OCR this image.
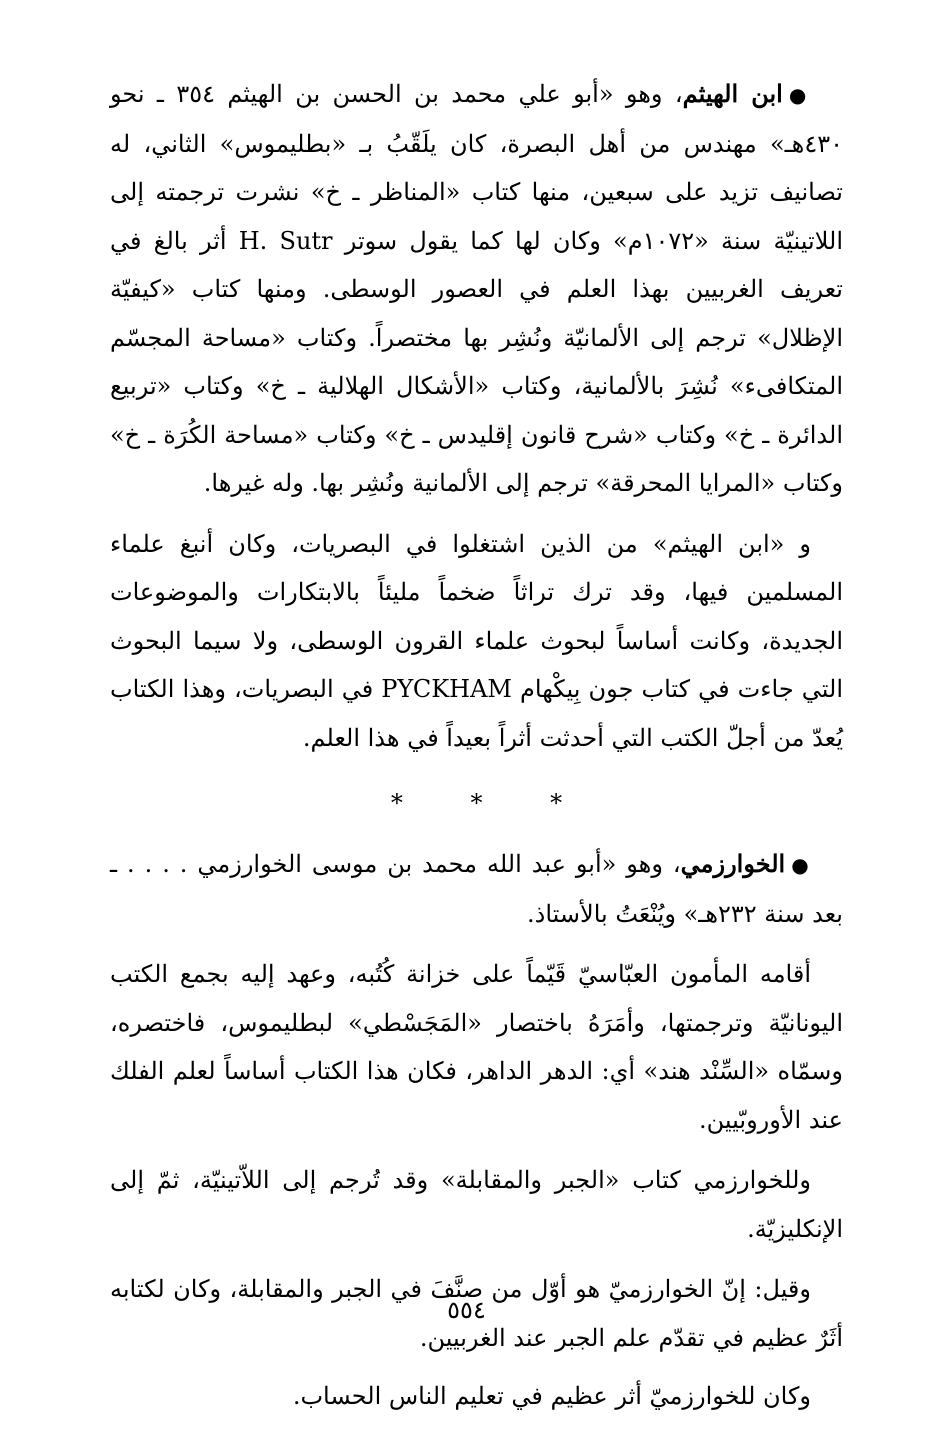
●ابن الهيثم، وهو «أبو علي محمد بن الحسن بن الهيثم ٣٥٤ ـ نحو ٤٣٠هـ» مهندس من أهل البصرة، كان يلَقّبُ بـ «بطليموس» الثاني، له تصانيف تزيد على سبعين، منها كتاب «المناظر ـ خ» نشرت ترجمته إلى اللاتينيّة سنة «١٠٧٢م» وكان لها كما يقول سوتر H. Sutr أثر بالغ في تعريف الغربيين بهذا العلم في العصور الوسطى. ومنها كتاب «كيفيّة الإظلال» ترجم إلى الألمانيّة ونُشِر بها مختصراً. وكتاب «مساحة المجسّم المتكافىء» نُشِرَ بالألمانية، وكتاب «الأشكال الهلالية ـ خ» وكتاب «تربيع الدائرة ـ خ» وكتاب «شرح قانون إقليدس ـ خ» وكتاب «مساحة الكُرَة ـ خ» وكتاب «المرايا المحرقة» ترجم إلى الألمانية ونُشِر بها. وله غيرها.

و «ابن الهيثم» من الذين اشتغلوا في البصريات، وكان أنبغ علماء المسلمين فيها، وقد ترك تراثاً ضخماً مليئاً بالابتكارات والموضوعات الجديدة، وكانت أساساً لبحوث علماء القرون الوسطى، ولا سيما البحوث التي جاءت في كتاب جون بِيكْهام PYCKHAM في البصريات، وهذا الكتاب يُعدّ من أجلّ الكتب التي أحدثت أثراً بعيداً في هذا العلم.

* * *

●الخوارزمي، وهو «أبو عبد الله محمد بن موسى الخوارزمي . . . . ـ بعد سنة ٢٣٢هـ» ويُنْعَتُ بالأستاذ.

أقامه المأمون العبّاسيّ قَيّماً على خزانة كُتُبه، وعهد إليه بجمع الكتب اليونانيّة وترجمتها، وأمَرَهُ باختصار «المَجَسْطي» لبطليموس، فاختصره، وسمّاه «السِّنْد هند» أي: الدهر الداهر، فكان هذا الكتاب أساساً لعلم الفلك عند الأوروبّيين.

وللخوارزمي كتاب «الجبر والمقابلة» وقد تُرجم إلى اللاّتينيّة، ثمّ إلى الإنكليزيّة.

وقيل: إنّ الخوارزميّ هو أوّل من صنَّفَ في الجبر والمقابلة، وكان لكتابه أثَرٌ عظيم في تقدّم علم الجبر عند الغربيين.

وكان للخوارزميّ أثر عظيم في تعليم الناس الحساب.

٥٥٤
